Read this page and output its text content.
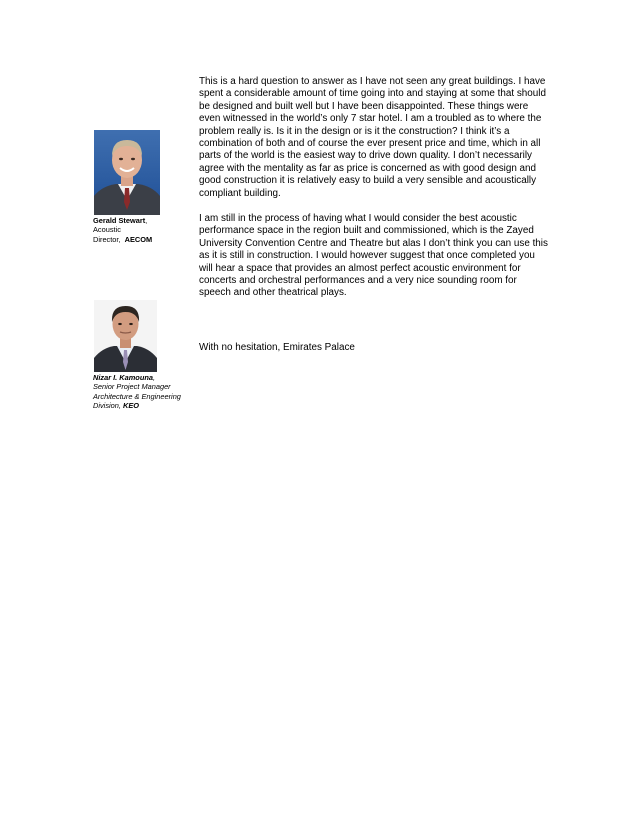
Gerald Stewart,
Acoustic
Director, AECOM

This is a hard question to answer as I have not seen any great buildings. I have spent a considerable amount of time going into and staying at some that should be designed and built well but I have been disappointed. These things were even witnessed in the world’s only 7 star hotel. I am a troubled as to where the problem really is. Is it in the design or is it the construction? I think it’s a combination of both and of course the ever present price and time, which in all parts of the world is the easiest way to drive down quality. I don’t necessarily agree with the mentality as far as price is concerned as with good design and good construction it is relatively easy to build a very sensible and acoustically compliant building.

I am still in the process of having what I would consider the best acoustic performance space in the region built and commissioned, which is the Zayed University Convention Centre and Theatre but alas I don’t think you can use this as it is still in construction. I would however suggest that once completed you will hear a space that provides an almost perfect acoustic environment for concerts and orchestral performances and a very nice sounding room for speech and other theatrical plays.

Nizar I. Kamouna,
Senior Project Manager
Architecture & Engineering
Division, KEO

With no hesitation, Emirates Palace
